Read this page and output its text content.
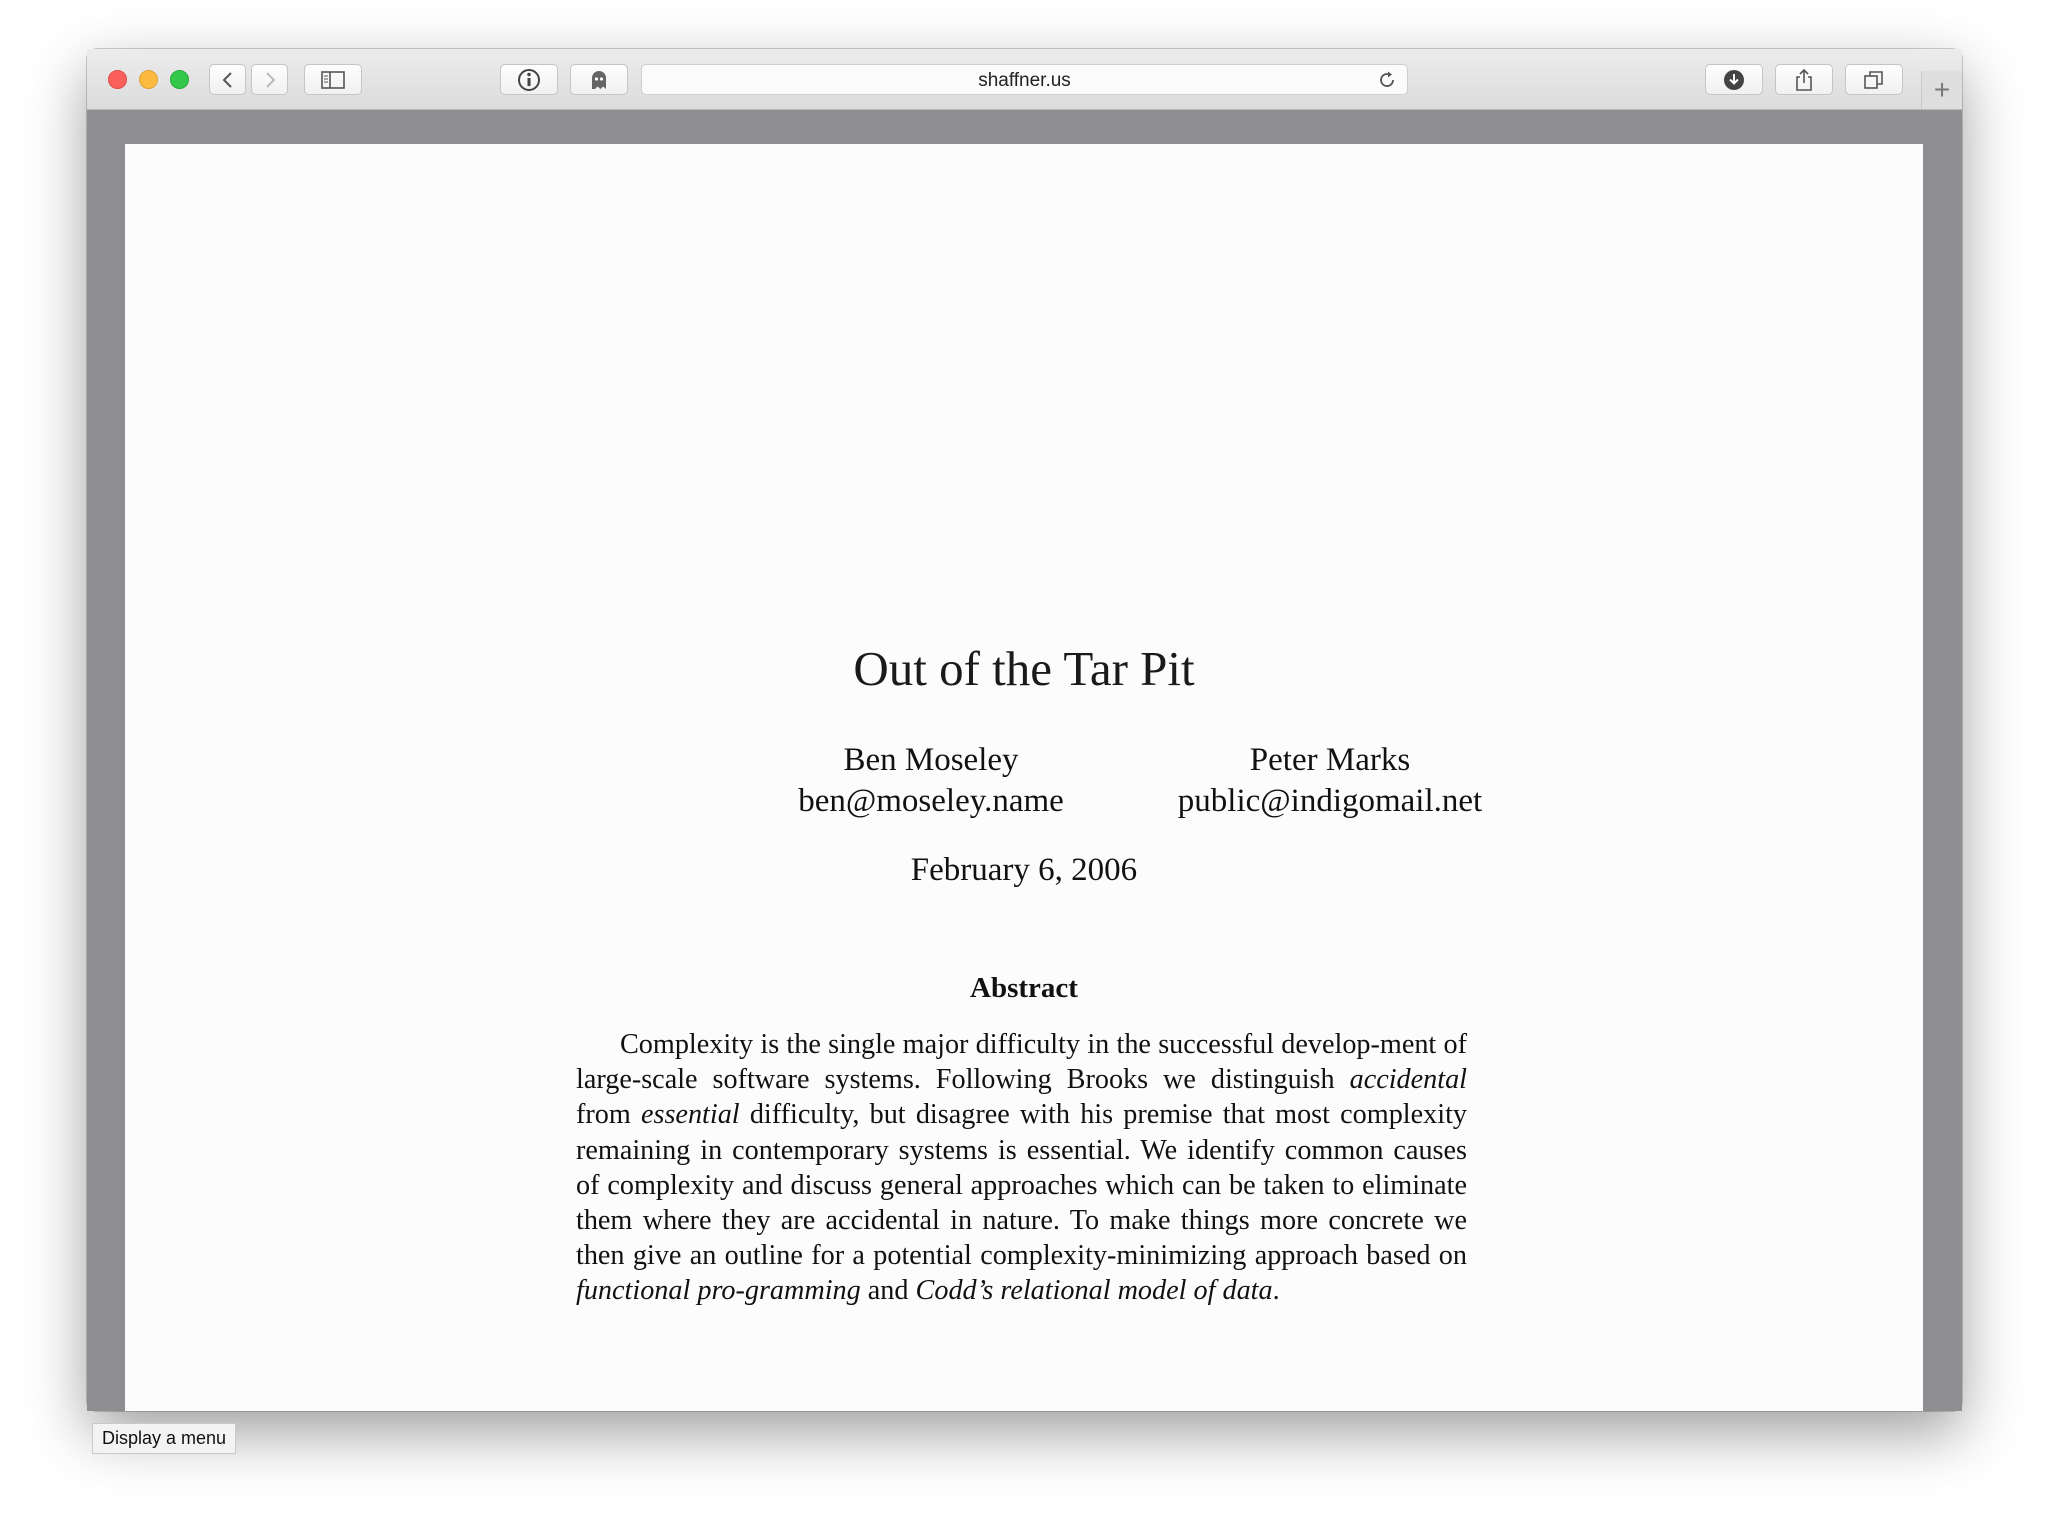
shaffner.us	+
Out of the Tar Pit
Ben Moseley
ben@moseley.name
Peter Marks
public@indigomail.net
February 6, 2006
Abstract
Complexity is the single major difficulty in the successful develop-ment of large-scale software systems. Following Brooks we distinguish accidental from essential difficulty, but disagree with his premise that most complexity remaining in contemporary systems is essential. We identify common causes of complexity and discuss general approaches which can be taken to eliminate them where they are accidental in nature. To make things more concrete we then give an outline for a potential complexity-minimizing approach based on functional pro-gramming and Codd’s relational model of data.
Display a menu
